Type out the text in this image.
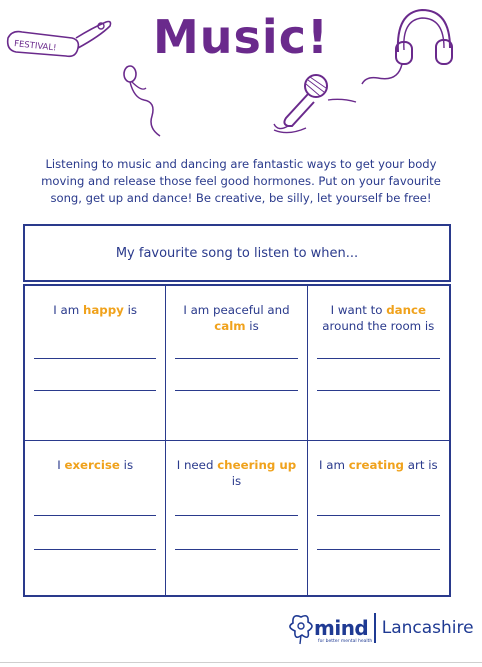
Music!
FESTIVAL!
Listening to music and dancing are fantastic ways to get your body moving and release those feel good hormones. Put on your favourite song, get up and dance! Be creative, be silly, let yourself be free!
My favourite song to listen to when...
I am happy is	I am peaceful and calm is
I want to dance around the room is
I exercise is	I need cheering up is
I am creating art is
mind Lancashire
for better mental health
